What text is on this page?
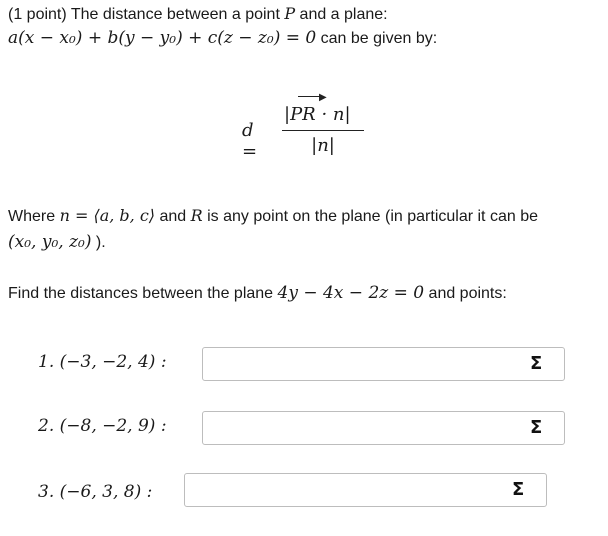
(1 point) The distance between a point P and a plane:
a(x − x₀) + b(y − y₀) + c(z − z₀) = 0 can be given by:
d =
▶
|PR · n|
|n|
Where n = ⟨a, b, c⟩ and R is any point on the plane (in particular it can be
(x₀, y₀, z₀) ).
Find the distances between the plane 4y − 4x − 2z = 0 and points:
1. (−3, −2, 4) :	Σ
2. (−8, −2, 9) :	Σ
3. (−6, 3, 8) :	Σ
